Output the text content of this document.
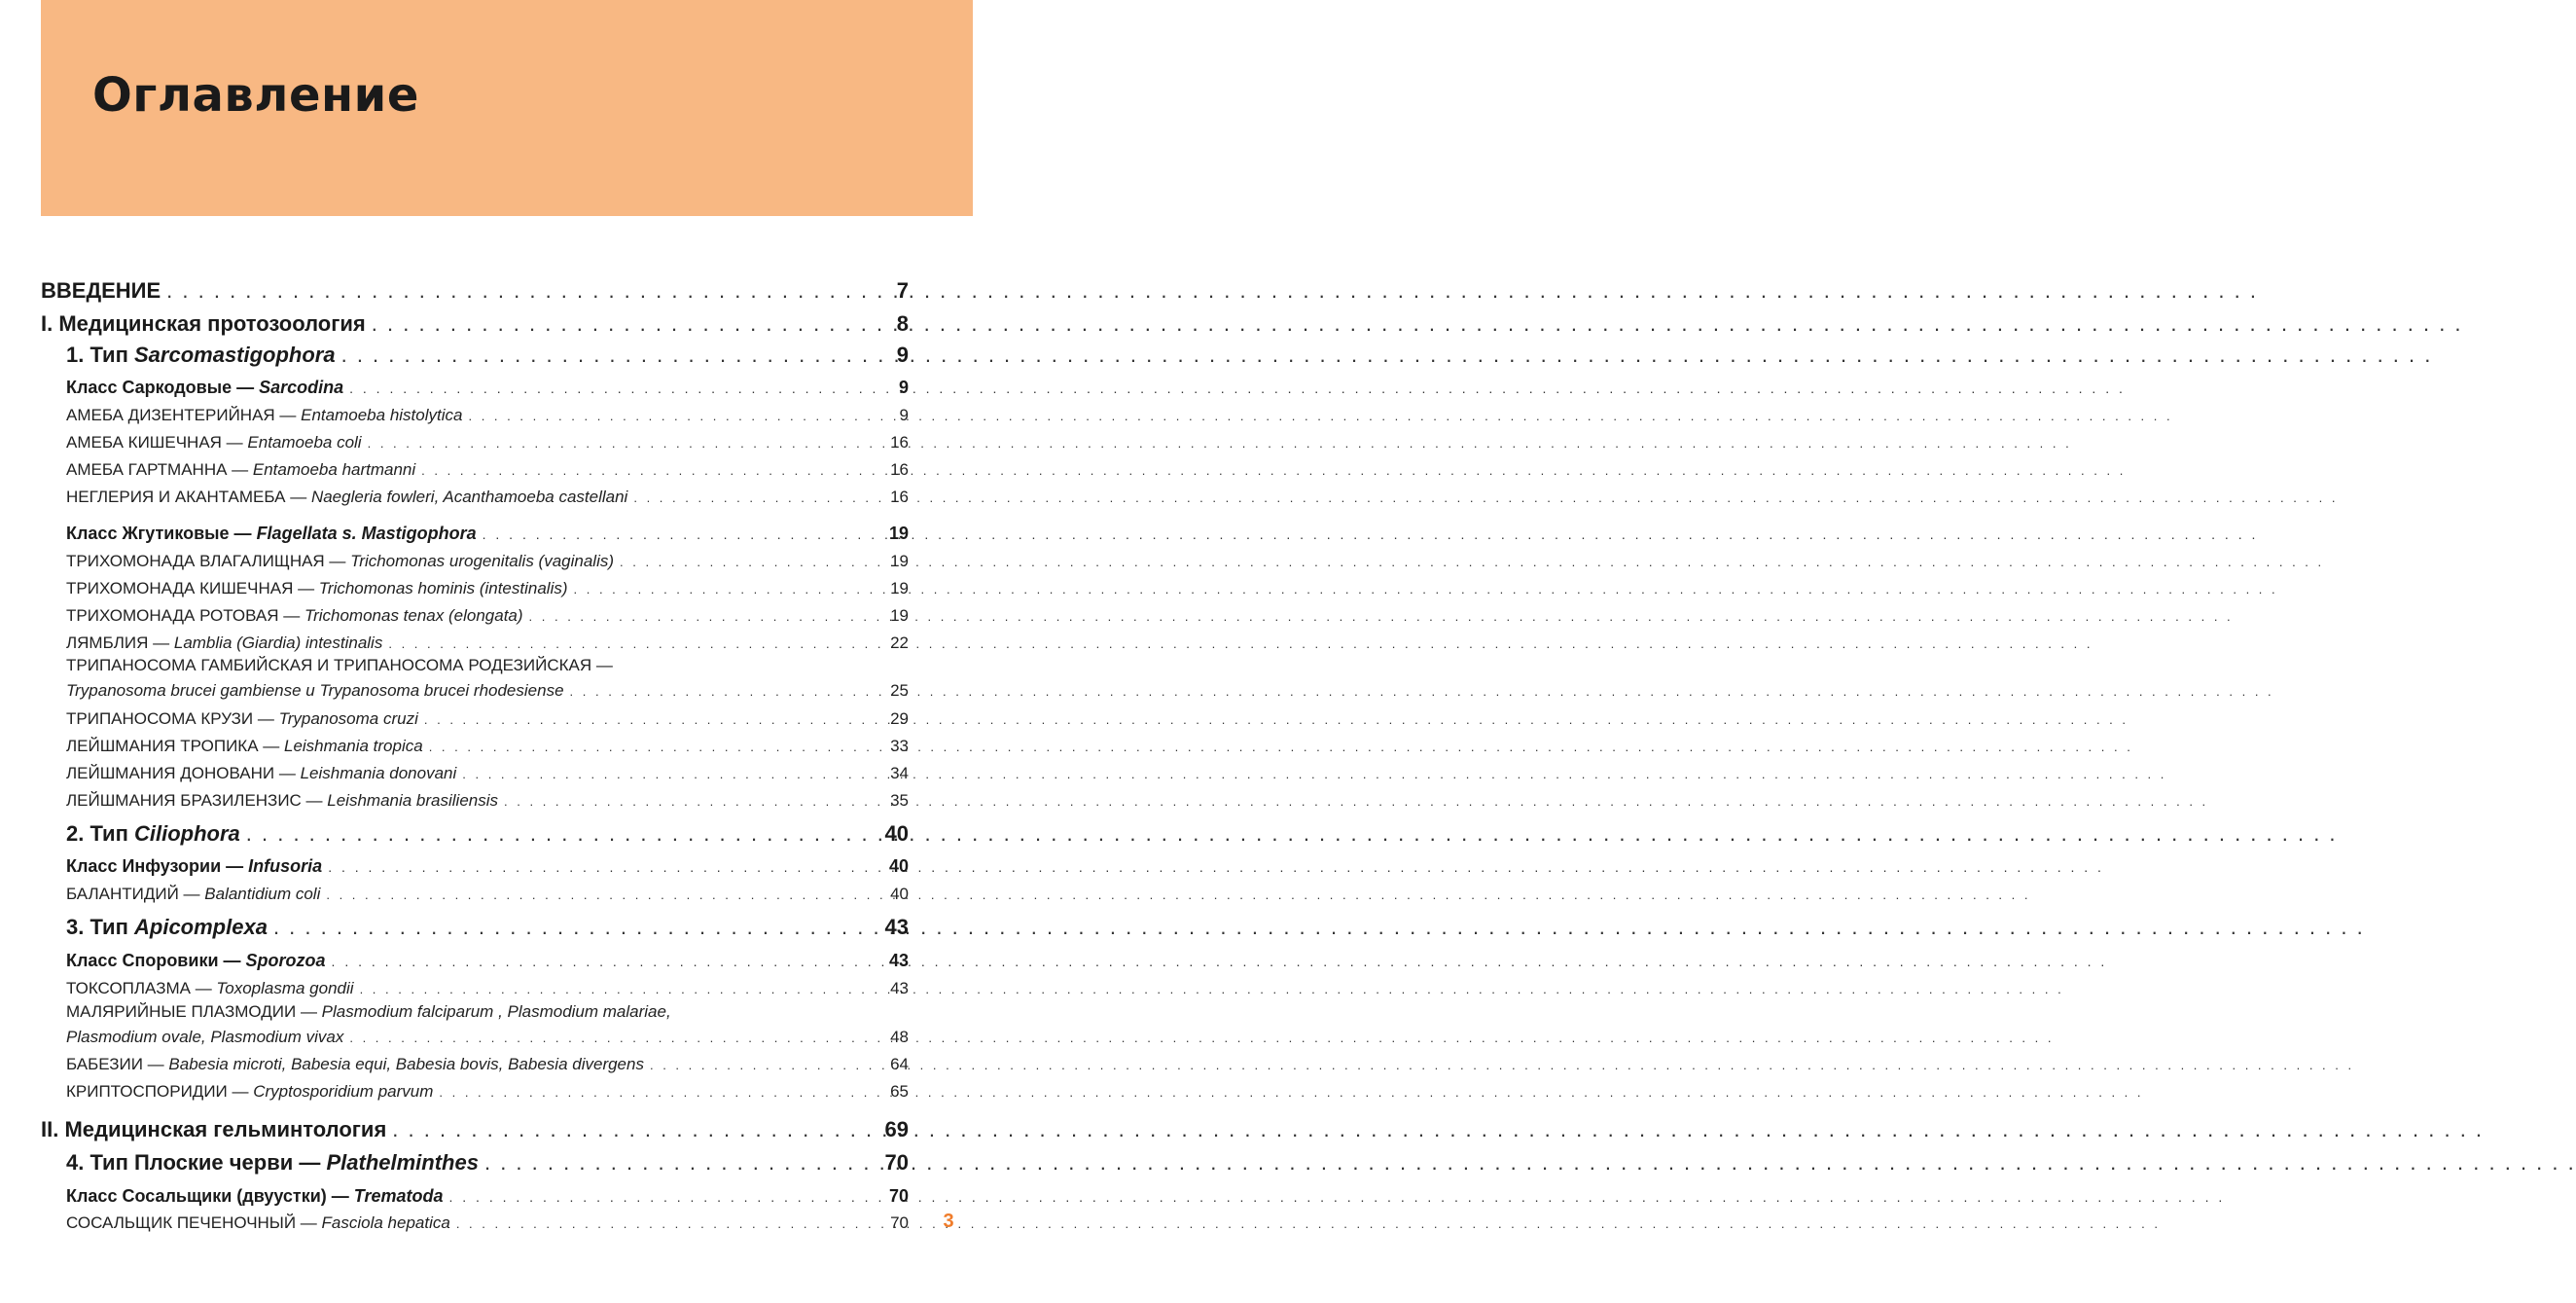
Оглавление
ВВЕДЕНИЕ . . .	7
I. Медицинская протозоология . . .	8
1. Тип Sarcomastigophora . . .	9
Класс Саркодовые — Sarcodina . . .	9
АМЕБА ДИЗЕНТЕРИЙНАЯ — Entamoeba histolytica . . .	9
АМЕБА КИШЕЧНАЯ — Entamoeba coli . . .	16
АМЕБА ГАРТМАННА — Entamoeba hartmanni . . .	16
НЕГЛЕРИЯ И АКАНТАМЕБА — Naegleria fowleri, Acanthamoeba castellani . . .	16
Класс Жгутиковые — Flagellata s. Mastigophora . . .	19
ТРИХОМОНАДА ВЛАГАЛИЩНАЯ — Trichomonas urogenitalis (vaginalis) . . .	19
ТРИХОМОНАДА КИШЕЧНАЯ — Trichomonas hominis (intestinalis) . . .	19
ТРИХОМОНАДА РОТОВАЯ — Trichomonas tenax (elongata) . . .	19
ЛЯМБЛИЯ — Lamblia (Giardia) intestinalis . . .	22
ТРИПАНОСОМА ГАМБИЙСКАЯ И ТРИПАНОСОМА РОДЕЗИЙСКАЯ —
Trypanosoma brucei gambiense и Trypanosoma brucei rhodesiense . . .	25
ТРИПАНОСОМА КРУЗИ — Trypanosoma cruzi . . .	29
ЛЕЙШМАНИЯ ТРОПИКА — Leishmania tropica . . .	33
ЛЕЙШМАНИЯ ДОНОВАНИ — Leishmania donovani . . .	34
ЛЕЙШМАНИЯ БРАЗИЛЕНЗИС — Leishmania brasiliensis . . .	35
2. Тип Ciliophora . . .	40
Класс Инфузории — Infusoria . . .	40
БАЛАНТИДИЙ — Balantidium coli . . .	40
3. Тип Apicomplexa . . .	43
Класс Споровики — Sporozoa . . .	43
ТОКСОПЛАЗМА — Toxoplasma gondii . . .	43
МАЛЯРИЙНЫЕ ПЛАЗМОДИИ — Plasmodium falciparum , Plasmodium malariae,
Plasmodium ovale, Plasmodium vivax . . .	48
БАБЕЗИИ — Babesia microti, Babesia equi, Babesia bovis, Babesia divergens . . .	64
КРИПТОСПОРИДИИ — Cryptosporidium parvum . . .	65
II. Медицинская гельминтология . . .	69
4. Тип Плоские черви — Plathelminthes . . .	70
Класс Сосальщики (двуустки) — Trematoda . . .	70
СОСАЛЬЩИК ПЕЧЕНОЧНЫЙ — Fasciola hepatica . . .	70	3
